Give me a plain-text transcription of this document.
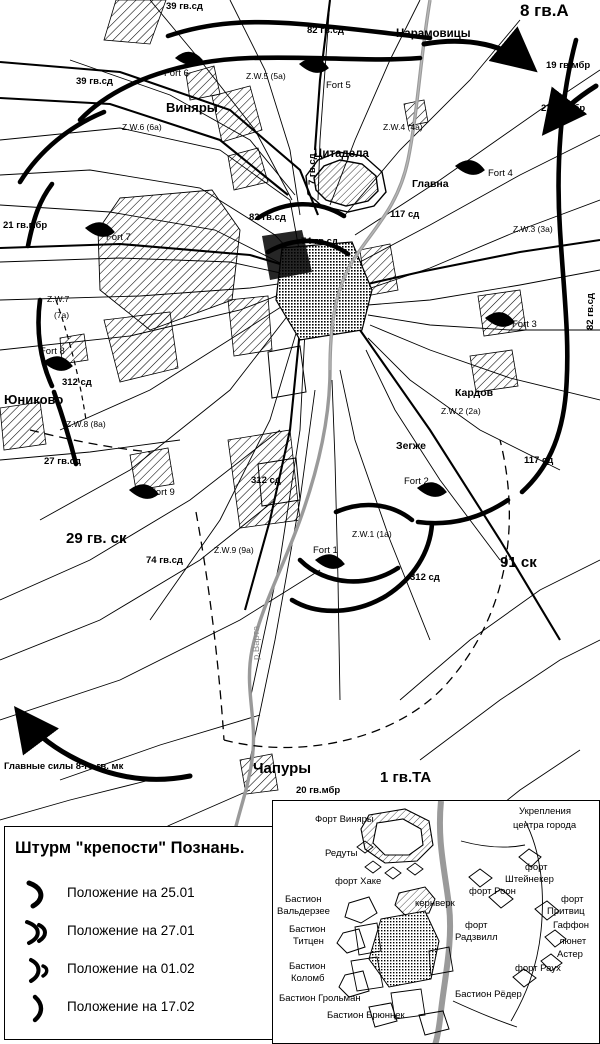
8 гв.А
1 гв.ТА
29 гв. ск
91 ск
39 гв.сд
82 гв.сд
39 гв.сд
19 гв.мбр
21 гв.мбр
82 гв.сд
74 гв.сд
117 сд
21 гв.мбр
312 сд
27 гв.сд
312 сд
74 гв.сд
117 сд
312 сд
20 гв.мбр
82 гв.сд
7 гв.сд
Нарамовицы
Виняры
Цитадела
Главна
Кардов
Зегже
Юниково
Чапуры
Fort 6
Fort 5
Fort 4
Fort 7
Fort 3
Fort 8
Fort 9
Fort 2
Fort 1
Z.W.5 (5a)
Z.W.6 (6a)	Z.W.4 (4a)
Z.W.3 (3a)
Z.W.7
(7a)
Z.W.8 (8a)
Z.W.2 (2a)
Z.W.9 (9a)
Z.W.1 (1a)
р.Варта
Главные силы 8-го гв. мк
Штурм "крепости" Познань.
Положение на 25.01
Положение на 27.01
Положение на 01.02
Положение на 17.02
Форт Виняры
Укрепления
центра города
Редуты
форт Хаке
форт
Штейнекер
форт Роон
Бастион
Вальдерзее
кернверк	форт
Притвиц
Бастион
Титцен
форт
Радзвилл
Гаффон
люнет
Астер
Бастион
Коломб
форт Раух
Бастион Грольман	Бастион Рёдер
Бастион Брюннек
